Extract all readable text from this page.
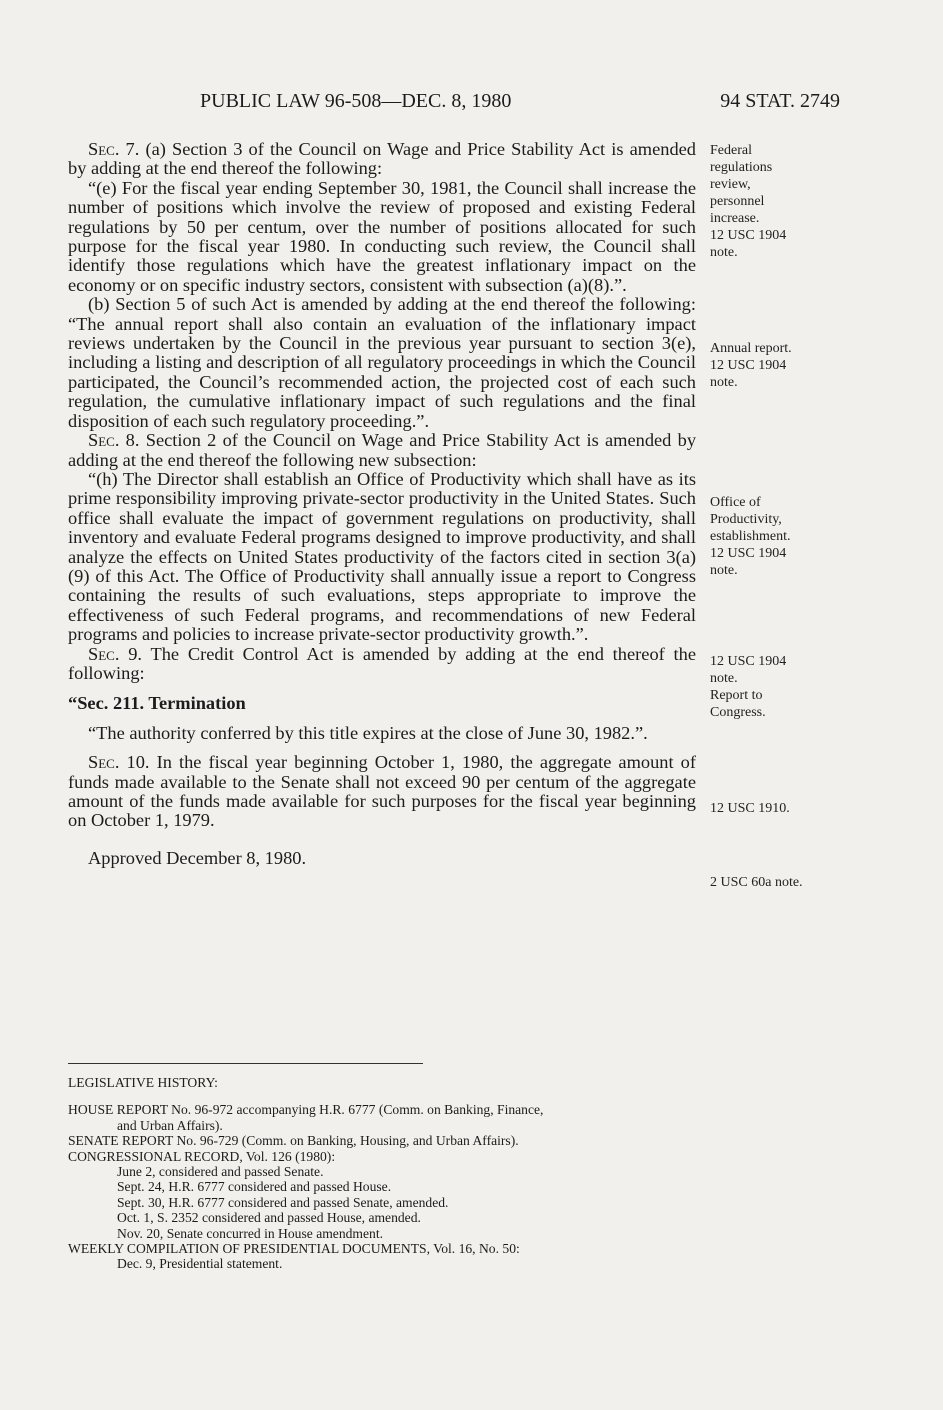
PUBLIC LAW 96-508—DEC. 8, 1980	94 STAT. 2749

Sec. 7. (a) Section 3 of the Council on Wage and Price Stability Act is amended by adding at the end thereof the following:

“(e) For the fiscal year ending September 30, 1981, the Council shall increase the number of positions which involve the review of proposed and existing Federal regulations by 50 per centum, over the number of positions allocated for such purpose for the fiscal year 1980. In conducting such review, the Council shall identify those regulations which have the greatest inflationary impact on the economy or on specific industry sectors, consistent with subsection (a)(8).”.

(b) Section 5 of such Act is amended by adding at the end thereof the following: “The annual report shall also contain an evaluation of the inflationary impact reviews undertaken by the Council in the previous year pursuant to section 3(e), including a listing and description of all regulatory proceedings in which the Council participated, the Council’s recommended action, the projected cost of each such regulation, the cumulative inflationary impact of such regulations and the final disposition of each such regulatory proceeding.”.

Sec. 8. Section 2 of the Council on Wage and Price Stability Act is amended by adding at the end thereof the following new subsection:

“(h) The Director shall establish an Office of Productivity which shall have as its prime responsibility improving private-sector productivity in the United States. Such office shall evaluate the impact of government regulations on productivity, shall inventory and evaluate Federal programs designed to improve productivity, and shall analyze the effects on United States productivity of the factors cited in section 3(a)(9) of this Act. The Office of Productivity shall annually issue a report to Congress containing the results of such evaluations, steps appropriate to improve the effectiveness of such Federal programs, and recommendations of new Federal programs and policies to increase private-sector productivity growth.”.

Sec. 9. The Credit Control Act is amended by adding at the end thereof the following:

“Sec. 211. Termination

“The authority conferred by this title expires at the close of June 30, 1982.”.

Sec. 10. In the fiscal year beginning October 1, 1980, the aggregate amount of funds made available to the Senate shall not exceed 90 per centum of the aggregate amount of the funds made available for such purposes for the fiscal year beginning on October 1, 1979.

Approved December 8, 1980.

Federal
regulations
review,
personnel
increase.
12 USC 1904
note.
Annual report.
12 USC 1904
note.
Office of
Productivity,
establishment.
12 USC 1904
note.
12 USC 1904
note.
Report to
Congress.
12 USC 1910.
2 USC 60a note.
LEGISLATIVE HISTORY:
HOUSE REPORT No. 96-972 accompanying H.R. 6777 (Comm. on Banking, Finance,
and Urban Affairs).
SENATE REPORT No. 96-729 (Comm. on Banking, Housing, and Urban Affairs).
CONGRESSIONAL RECORD, Vol. 126 (1980):
June 2, considered and passed Senate.
Sept. 24, H.R. 6777 considered and passed House.
Sept. 30, H.R. 6777 considered and passed Senate, amended.
Oct. 1, S. 2352 considered and passed House, amended.
Nov. 20, Senate concurred in House amendment.
WEEKLY COMPILATION OF PRESIDENTIAL DOCUMENTS, Vol. 16, No. 50:
Dec. 9, Presidential statement.
